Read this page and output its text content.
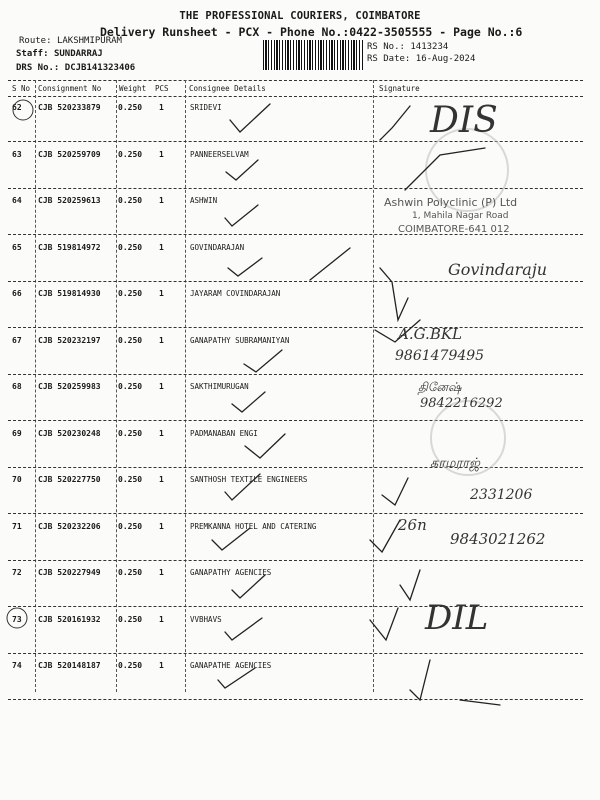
THE PROFESSIONAL COURIERS, COIMBATORE
Delivery Runsheet - PCX - Phone No.:0422-3505555 - Page No.:6
Route: LAKSHMIPURAM
Staff: SUNDARRAJ
DRS No.: DCJB141323406
RS No.: 1413234
RS Date: 16-Aug-2024
S No Consignment No Weight PCS	Consignee Details	Signature
62 CJB 520233879 0.250 1	SRIDEVI
63 CJB 520259709 0.250 1	PANNEERSELVAM
64 CJB 520259613 0.250 1	ASHWIN
65 CJB 519814972 0.250 1	GOVINDARAJAN
66 CJB 519814930 0.250 1	JAYARAM COVINDARAJAN
67 CJB 520232197 0.250 1	GANAPATHY SUBRAMANIYAN
68 CJB 520259983 0.250 1	SAKTHIMURUGAN
69 CJB 520230248 0.250 1	PADMANABAN ENGI
70 CJB 520227750 0.250 1	SANTHOSH TEXTILE ENGINEERS
71 CJB 520232206 0.250 1	PREMKANNA HOTEL AND CATERING
72 CJB 520227949 0.250 1	GANAPATHY AGENCIES
73 CJB 520161932 0.250 1	VVBHAVS
74 CJB 520148187 0.250 1	GANAPATHE AGENCIES
DIS
Ashwin Polyclinic (P) Ltd
1, Mahila Nagar Road
COIMBATORE-641 012
Govindaraju
A.G.BKL
9861479495
தினேஷ்
9842216292
காமராஜ்
2331206
26n
9843021262
DIL
